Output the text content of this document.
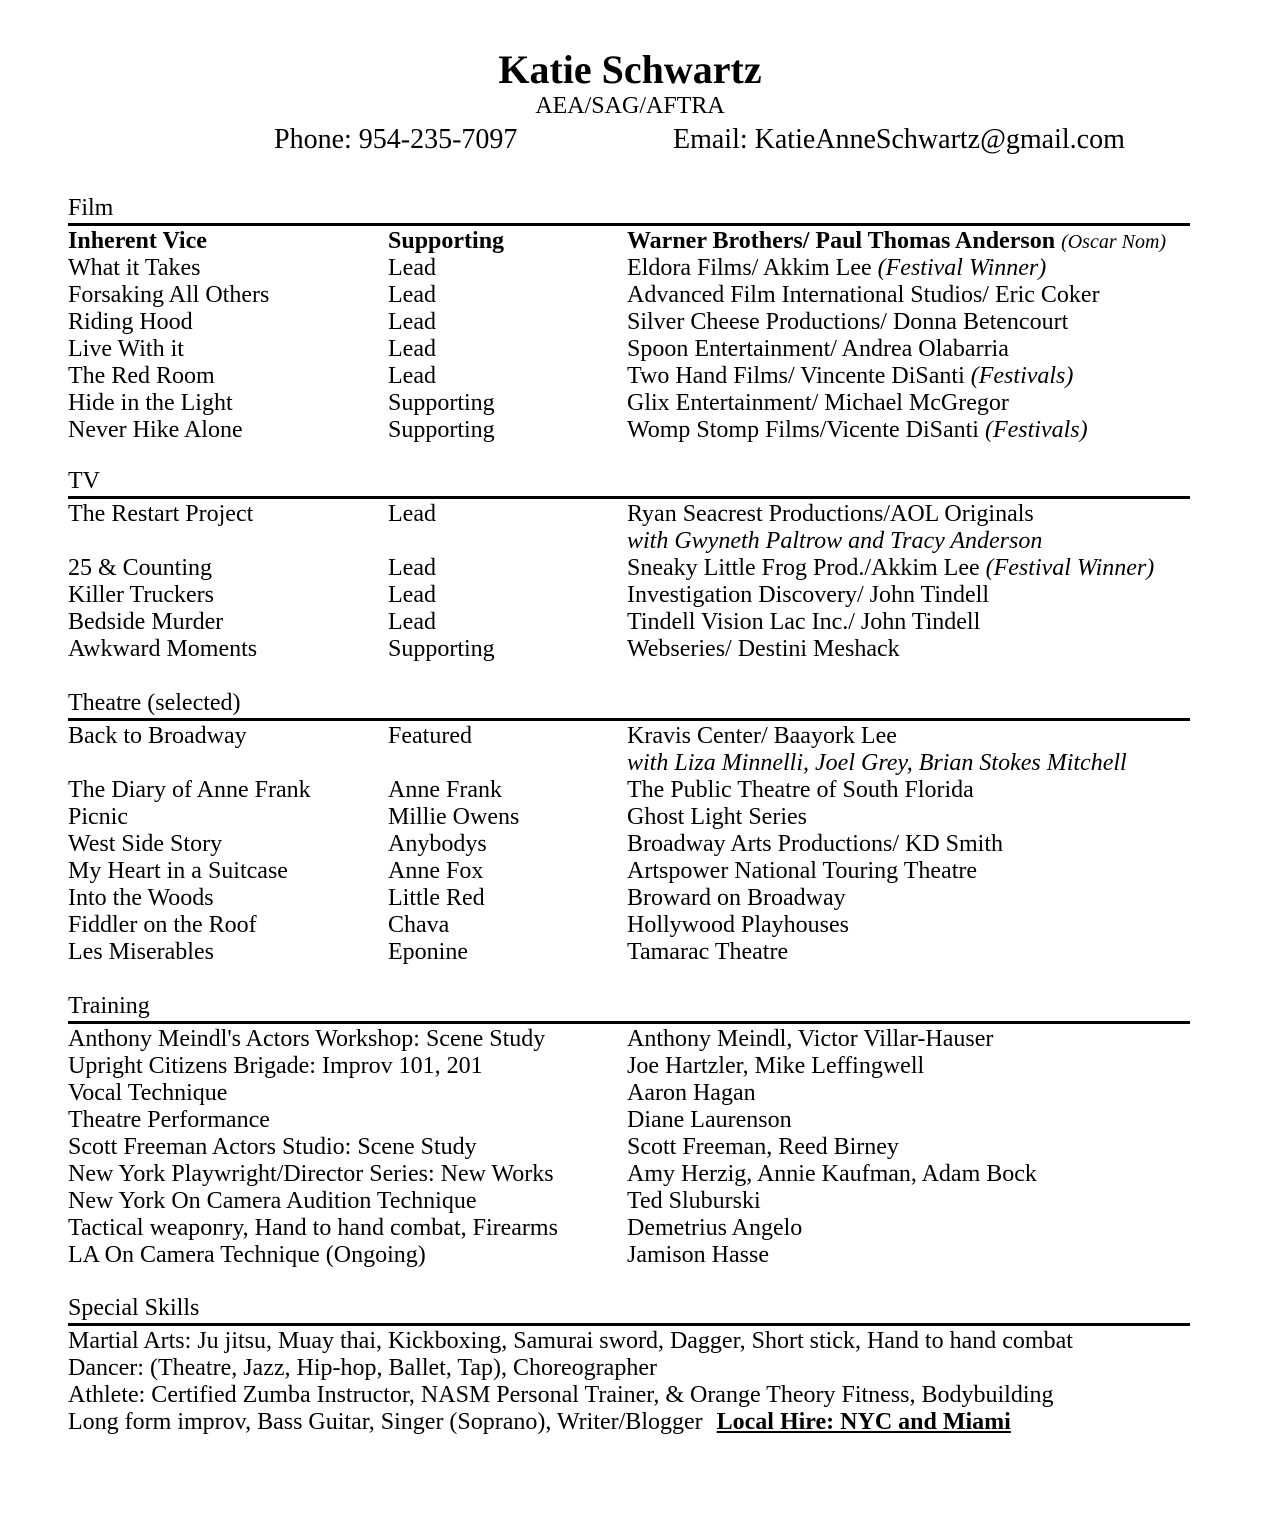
Katie Schwartz
AEA/SAG/AFTRA
Phone: 954-235-7097	Email: KatieAnneSchwartz@gmail.com
Film
Inherent Vice	Supporting	Warner Brothers/ Paul Thomas Anderson (Oscar Nom)
What it Takes	Lead	Eldora Films/ Akkim Lee (Festival Winner)
Forsaking All Others	Lead	Advanced Film International Studios/ Eric Coker
Riding Hood	Lead	Silver Cheese Productions/ Donna Betencourt
Live With it	Lead	Spoon Entertainment/ Andrea Olabarria
The Red Room	Lead	Two Hand Films/ Vincente DiSanti (Festivals)
Hide in the Light	Supporting	Glix Entertainment/ Michael McGregor
Never Hike Alone	Supporting	Womp Stomp Films/Vicente DiSanti (Festivals)
TV
The Restart Project	Lead	Ryan Seacrest Productions/AOL Originals
with Gwyneth Paltrow and Tracy Anderson
25 & Counting	Lead	Sneaky Little Frog Prod./Akkim Lee (Festival Winner)
Killer Truckers	Lead	Investigation Discovery/ John Tindell
Bedside Murder	Lead	Tindell Vision Lac Inc./ John Tindell
Awkward Moments	Supporting	Webseries/ Destini Meshack
Theatre (selected)
Back to Broadway	Featured	Kravis Center/ Baayork Lee
with Liza Minnelli, Joel Grey, Brian Stokes Mitchell
The Diary of Anne Frank	Anne Frank	The Public Theatre of South Florida
Picnic	Millie Owens	Ghost Light Series
West Side Story	Anybodys	Broadway Arts Productions/ KD Smith
My Heart in a Suitcase	Anne Fox	Artspower National Touring Theatre
Into the Woods	Little Red	Broward on Broadway
Fiddler on the Roof	Chava	Hollywood Playhouses
Les Miserables	Eponine	Tamarac Theatre
Training
Anthony Meindl's Actors Workshop: Scene Study	Anthony Meindl, Victor Villar-Hauser
Upright Citizens Brigade: Improv 101, 201	Joe Hartzler, Mike Leffingwell
Vocal Technique	Aaron Hagan
Theatre Performance	Diane Laurenson
Scott Freeman Actors Studio: Scene Study	Scott Freeman, Reed Birney
New York Playwright/Director Series: New Works	Amy Herzig, Annie Kaufman, Adam Bock
New York On Camera Audition Technique	Ted Sluburski
Tactical weaponry, Hand to hand combat, Firearms	Demetrius Angelo
LA On Camera Technique (Ongoing)	Jamison Hasse
Special Skills
Martial Arts: Ju jitsu, Muay thai, Kickboxing, Samurai sword, Dagger, Short stick, Hand to hand combat
Dancer: (Theatre, Jazz, Hip-hop, Ballet, Tap), Choreographer
Athlete: Certified Zumba Instructor, NASM Personal Trainer, & Orange Theory Fitness, Bodybuilding
Long form improv, Bass Guitar, Singer (Soprano), Writer/Blogger Local Hire: NYC and Miami
